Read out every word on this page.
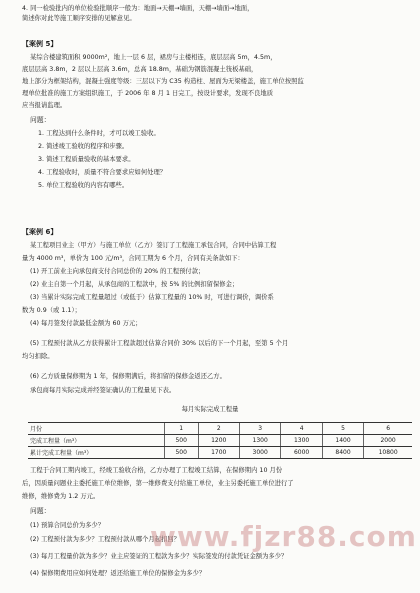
4. 同一检验批内的单位检验批顺序一般为：地面→天棚→墙面，天棚→墙面→地面，
简述你对此等施工顺序安排的见解意见。
【案例 5】
某综合楼建筑面积 9000m²，地上一层 6 层，裙房与主楼相连，底层层高 5m，4.5m，
底层层高 3.8m，2 层以上层高 3.6m，总高 18.8m，基础为钢筋混凝土筏板基础，
地上部分为框架结构，混凝土强度等级：三层以下为 C35 构造柱、屋面为无梁楼盖，施工单位按照监
理单位批准的施工方案组织施工，于 2006 年 8 月 1 日完工，按设计要求，发现不良地质
应当报请监理。
问题：
1. 工程达到什么条件时，才可以竣工验收。
2. 简述竣工验收的程序和步骤。
3. 简述工程质量验收的基本要求。
4. 工程验收时，质量不符合要求应如何处理？
5. 单位工程验收的内容有哪些。
【案例 6】
某工程项目业主（甲方）与施工单位（乙方）签订了工程施工承包合同，合同中估算工程
量为 4000 m³，单价为 100 元/m³，合同工期为 6 个月，合同有关条款如下：
(1) 开工前业主向承包商支付合同总价的 20% 的工程预付款；
(2) 业主自第一个月起，从承包商的工程款中，按 5% 的比例扣留保修金；
(3) 当累计实际完成工程量超过（或低于）估算工程量的 10% 时，可进行调价，调价系
数为 0.9（或 1.1）；
(4) 每月签发付款最低金额为 60 万元；
(5) 工程预付款从乙方获得累计工程款超过估算合同价 30% 以后的下一个月起，至第 5 个月
均匀扣除。
(6) 乙方质量保修期为 1 年，保修期满后，将扣留的保修金返还乙方。
承包商每月实际完成并经签证确认的工程量见下表。
每月实际完成工程量
月份	1	2	3	4	5	6
完成工程量（m³）	500	1200	1300	1300	1400	2000
累计完成工程量（m³）	500	1700	3000	6000	8400	10800
工程于合同工期内竣工，经竣工验收合格，乙方办理了工程竣工结算，在保修期内 10 月份
后，因质量问题业主委托施工单位维修，第一维修费支付给施工单位，业主另委托施工单位进行了
维修，维修费为 1.2 万元。
问题：
(1) 预算合同总价为多少？
(2) 工程预付款为多少？工程预付款从哪个月起扣回？
(3) 每月工程量价款为多少？业主应签证的工程款为多少？实际签发的付款凭证金额为多少？
(4) 保修期费用应如何处理？返还给施工单位的保修金为多少？
www.fjzr88.com
